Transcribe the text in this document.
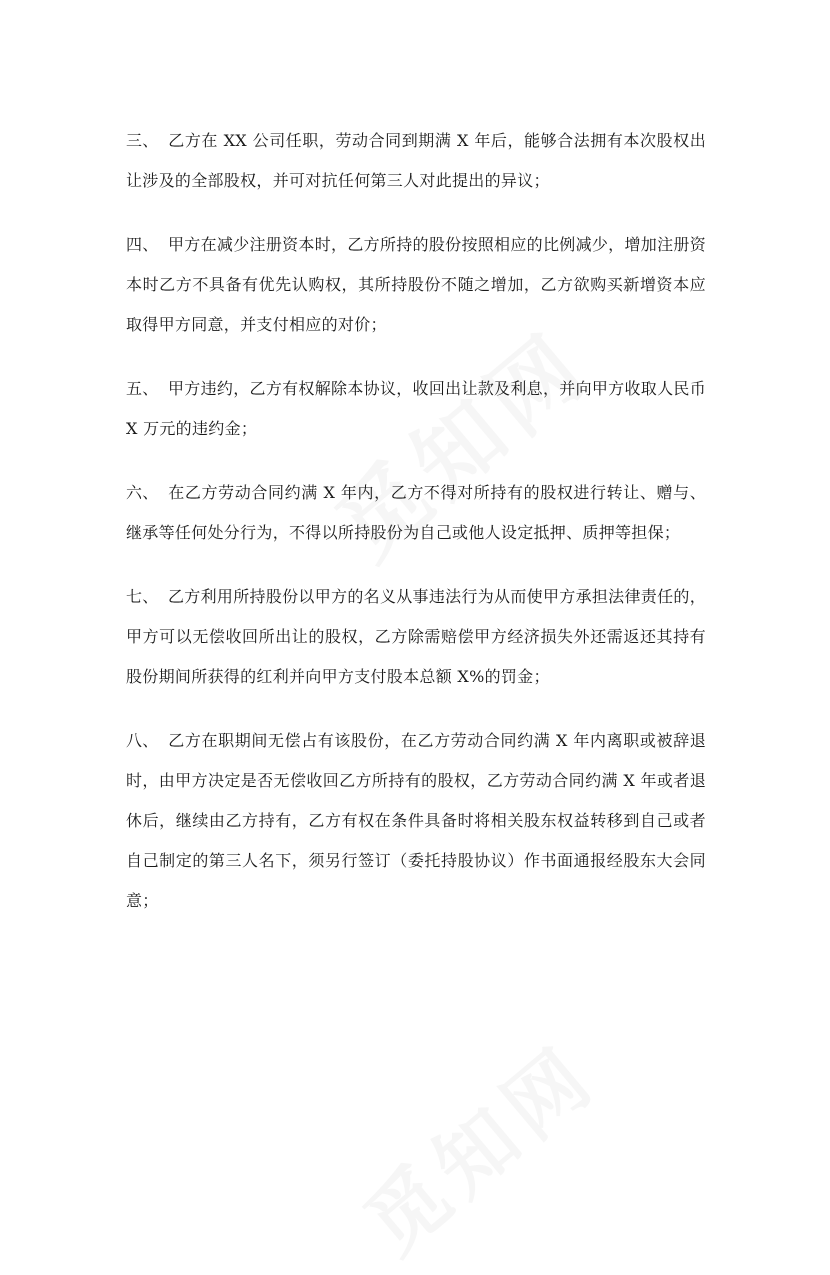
三、 乙方在 XX 公司任职，劳动合同到期满 X 年后，能够合法拥有本次股权出让涉及的全部股权，并可对抗任何第三人对此提出的异议；

四、 甲方在减少注册资本时，乙方所持的股份按照相应的比例减少，增加注册资本时乙方不具备有优先认购权，其所持股份不随之增加，乙方欲购买新增资本应取得甲方同意，并支付相应的对价；

五、 甲方违约，乙方有权解除本协议，收回出让款及利息，并向甲方收取人民币 X 万元的违约金；

六、 在乙方劳动合同约满 X 年内，乙方不得对所持有的股权进行转让、赠与、继承等任何处分行为，不得以所持股份为自己或他人设定抵押、质押等担保；

七、 乙方利用所持股份以甲方的名义从事违法行为从而使甲方承担法律责任的，甲方可以无偿收回所出让的股权，乙方除需赔偿甲方经济损失外还需返还其持有股份期间所获得的红利并向甲方支付股本总额 X%的罚金；

八、 乙方在职期间无偿占有该股份，在乙方劳动合同约满 X 年内离职或被辞退时，由甲方决定是否无偿收回乙方所持有的股权，乙方劳动合同约满 X 年或者退休后，继续由乙方持有，乙方有权在条件具备时将相关股东权益转移到自己或者自己制定的第三人名下，须另行签订（委托持股协议）作书面通报经股东大会同意；
